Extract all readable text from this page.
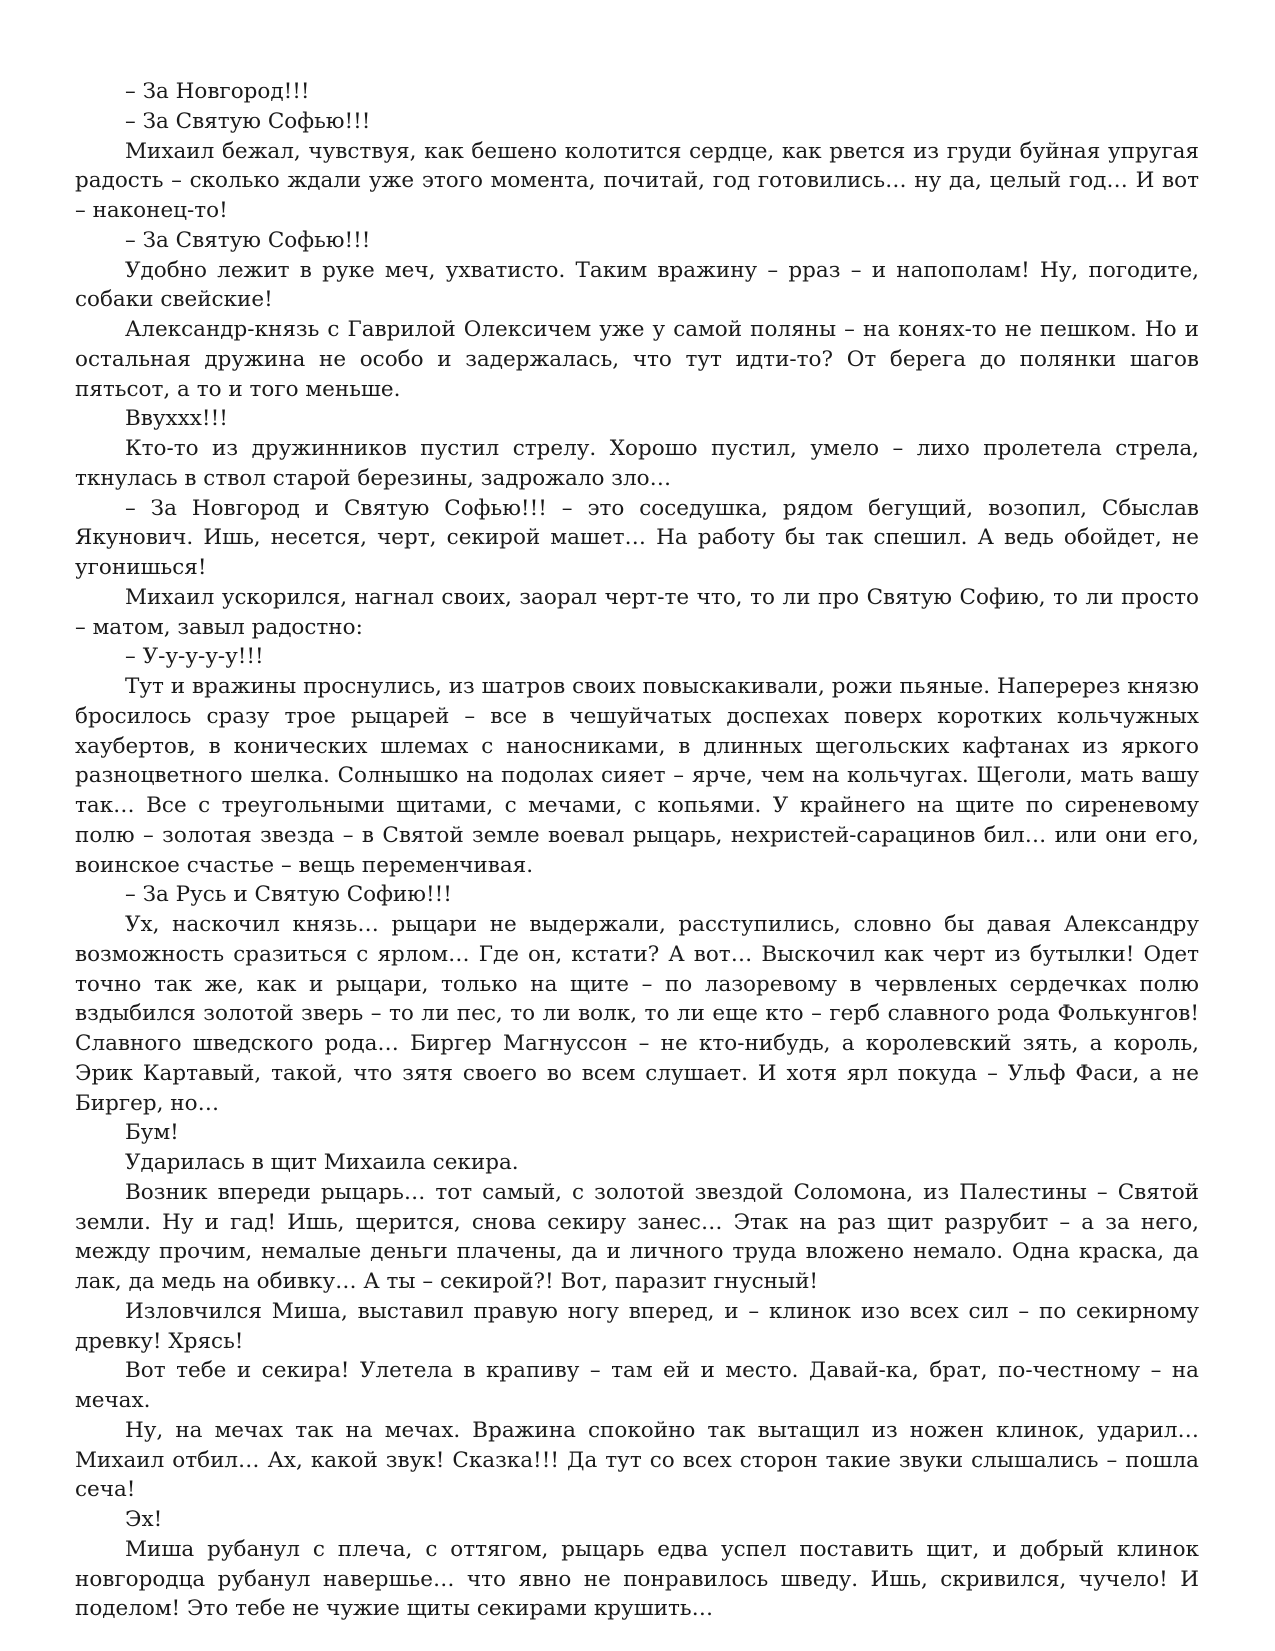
– За Новгород!!!

– За Святую Софью!!!

Михаил бежал, чувствуя, как бешено колотится сердце, как рвется из груди буйная упругая радость – сколько ждали уже этого момента, почитай, год готовились… ну да, целый год… И вот – наконец-то!

– За Святую Софью!!!

Удобно лежит в руке меч, ухватисто. Таким вражину – рраз – и напополам! Ну, погодите, собаки свейские!

Александр-князь с Гаврилой Олексичем уже у самой поляны – на конях-то не пешком. Но и остальная дружина не особо и задержалась, что тут идти-то? От берега до полянки шагов пятьсот, а то и того меньше.

Ввуххх!!!

Кто-то из дружинников пустил стрелу. Хорошо пустил, умело – лихо пролетела стрела, ткнулась в ствол старой березины, задрожало зло…

– За Новгород и Святую Софью!!! – это соседушка, рядом бегущий, возопил, Сбыслав Якунович. Ишь, несется, черт, секирой машет… На работу бы так спешил. А ведь обойдет, не угонишься!

Михаил ускорился, нагнал своих, заорал черт-те что, то ли про Святую Софию, то ли просто – матом, завыл радостно:

– У-у-у-у-у!!!

Тут и вражины проснулись, из шатров своих повыскакивали, рожи пьяные. Наперерез князю бросилось сразу трое рыцарей – все в чешуйчатых доспехах поверх коротких кольчужных хаубертов, в конических шлемах с наносниками, в длинных щегольских кафтанах из яркого разноцветного шелка. Солнышко на подолах сияет – ярче, чем на кольчугах. Щеголи, мать вашу так… Все с треугольными щитами, с мечами, с копьями. У крайнего на щите по сиреневому полю – золотая звезда – в Святой земле воевал рыцарь, нехристей-сарацинов бил… или они его, воинское счастье – вещь переменчивая.

– За Русь и Святую Софию!!!

Ух, наскочил князь… рыцари не выдержали, расступились, словно бы давая Александру возможность сразиться с ярлом… Где он, кстати? А вот… Выскочил как черт из бутылки! Одет точно так же, как и рыцари, только на щите – по лазоревому в червленых сердечках полю вздыбился золотой зверь – то ли пес, то ли волк, то ли еще кто – герб славного рода Фолькунгов! Славного шведского рода… Биргер Магнуссон – не кто-нибудь, а королевский зять, а король, Эрик Картавый, такой, что зятя своего во всем слушает. И хотя ярл покуда – Ульф Фаси, а не Биргер, но…

Бум!

Ударилась в щит Михаила секира.

Возник впереди рыцарь… тот самый, с золотой звездой Соломона, из Палестины – Святой земли. Ну и гад! Ишь, щерится, снова секиру занес… Этак на раз щит разрубит – а за него, между прочим, немалые деньги плачены, да и личного труда вложено немало. Одна краска, да лак, да медь на обивку… А ты – секирой?! Вот, паразит гнусный!

Изловчился Миша, выставил правую ногу вперед, и – клинок изо всех сил – по секирному древку! Хрясь!

Вот тебе и секира! Улетела в крапиву – там ей и место. Давай-ка, брат, по-честному – на мечах.

Ну, на мечах так на мечах. Вражина спокойно так вытащил из ножен клинок, ударил… Михаил отбил… Ах, какой звук! Сказка!!! Да тут со всех сторон такие звуки слышались – пошла сеча!

Эх!

Миша рубанул с плеча, с оттягом, рыцарь едва успел поставить щит, и добрый клинок новгородца рубанул навершье… что явно не понравилось шведу. Ишь, скривился, чучело! И поделом! Это тебе не чужие щиты секирами крушить…
